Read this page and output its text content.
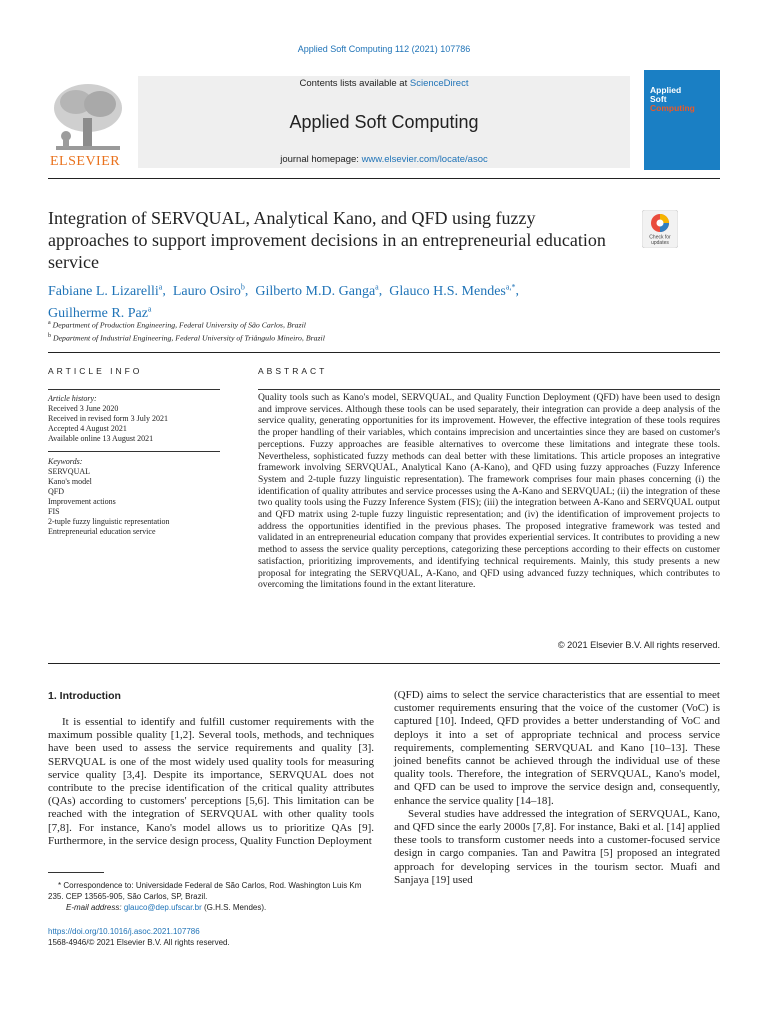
Applied Soft Computing 112 (2021) 107786
ELSEVIER
Contents lists available at ScienceDirect
Applied Soft Computing
journal homepage: www.elsevier.com/locate/asoc
Applied
Soft
Computing
Integration of SERVQUAL, Analytical Kano, and QFD using fuzzy approaches to support improvement decisions in an entrepreneurial education service
Check for
updates
Fabiane L. Lizarelli$^a$,  Lauro Osiro$^b$,  Gilberto M.D. Ganga$^a$,  Glauco H.S. Mendes$^{a,*}$,
Guilherme R. Paz$^a$
$^a$ Department of Production Engineering, Federal University of São Carlos, Brazil
$^b$ Department of Industrial Engineering, Federal University of Triângulo Mineiro, Brazil
ARTICLE INFO	ABSTRACT
Article history:
Received 3 June 2020
Received in revised form 3 July 2021
Accepted 4 August 2021
Available online 13 August 2021
Keywords:
SERVQUAL
Kano's model
QFD
Improvement actions
FIS
2-tuple fuzzy linguistic representation
Entrepreneurial education service
Quality tools such as Kano's model, SERVQUAL, and Quality Function Deployment (QFD) have been used to design and improve services. Although these tools can be used separately, their integration can provide a deep analysis of the service quality, generating opportunities for its improvement. However, the effective integration of these tools requires the proper handling of their variables, which contains imprecision and uncertainties since they are based on customer's perceptions. Fuzzy approaches are feasible alternatives to overcome these limitations and integrate these tools. Nevertheless, sophisticated fuzzy methods can deal better with these limitations. This article proposes an integrative framework involving SERVQUAL, Analytical Kano (A-Kano), and QFD using fuzzy approaches (Fuzzy Inference System and 2-tuple fuzzy linguistic representation). The framework comprises four main phases concerning (i) the identification of quality attributes and service processes using the A-Kano and SERVQUAL; (ii) the integration of these two quality tools using the Fuzzy Inference System (FIS); (iii) the integration between A-Kano and SERVQUAL output and QFD matrix using 2-tuple fuzzy linguistic representation; and (iv) the identification of improvement projects to address the opportunities identified in the previous phases. The proposed integrative framework was tested and validated in an entrepreneurial education company that provides experiential services. It contributes to providing a new method to assess the service quality perceptions, categorizing these perceptions according to their effects on customer satisfaction, prioritizing improvements, and identifying technical requirements. Mainly, this study presents a new proposal for integrating the SERVQUAL, A-Kano, and QFD using advanced fuzzy techniques, which contributes to overcoming the limitations found in the extant literature.
© 2021 Elsevier B.V. All rights reserved.
1. Introduction

It is essential to identify and fulfill customer requirements with the maximum possible quality [1,2]. Several tools, methods, and techniques have been used to assess the service requirements and quality [3]. SERVQUAL is one of the most widely used quality tools for measuring service quality [3,4]. Despite its importance, SERVQUAL does not contribute to the precise identification of the critical quality attributes (QAs) according to customers' perceptions [5,6]. This limitation can be reached with the integration of SERVQUAL with other quality tools [7,8]. For instance, Kano's model allows us to prioritize QAs [9]. Furthermore, in the service design process, Quality Function Deployment

(QFD) aims to select the service characteristics that are essential to meet customer requirements ensuring that the voice of the customer (VoC) is captured [10]. Indeed, QFD provides a better understanding of VoC and deploys it into a set of appropriate technical and process service requirements, complementing SERVQUAL and Kano [10–13]. These joined benefits cannot be achieved through the individual use of these quality tools. Therefore, the integration of SERVQUAL, Kano's model, and QFD can be used to improve the service design and, consequently, enhance the service quality [14–18].

Several studies have addressed the integration of SERVQUAL, Kano, and QFD since the early 2000s [7,8]. For instance, Baki et al. [14] applied these tools to transform customer needs into a customer-focused service design in cargo companies. Tan and Pawitra [5] proposed an integrated approach for developing services in the tourism sector. Muafi and Sanjaya [19] used

* Correspondence to: Universidade Federal de São Carlos, Rod. Washington Luis Km 235. CEP 13565-905, São Carlos, SP, Brazil.
E-mail address: glauco@dep.ufscar.br (G.H.S. Mendes).
https://doi.org/10.1016/j.asoc.2021.107786
1568-4946/© 2021 Elsevier B.V. All rights reserved.
